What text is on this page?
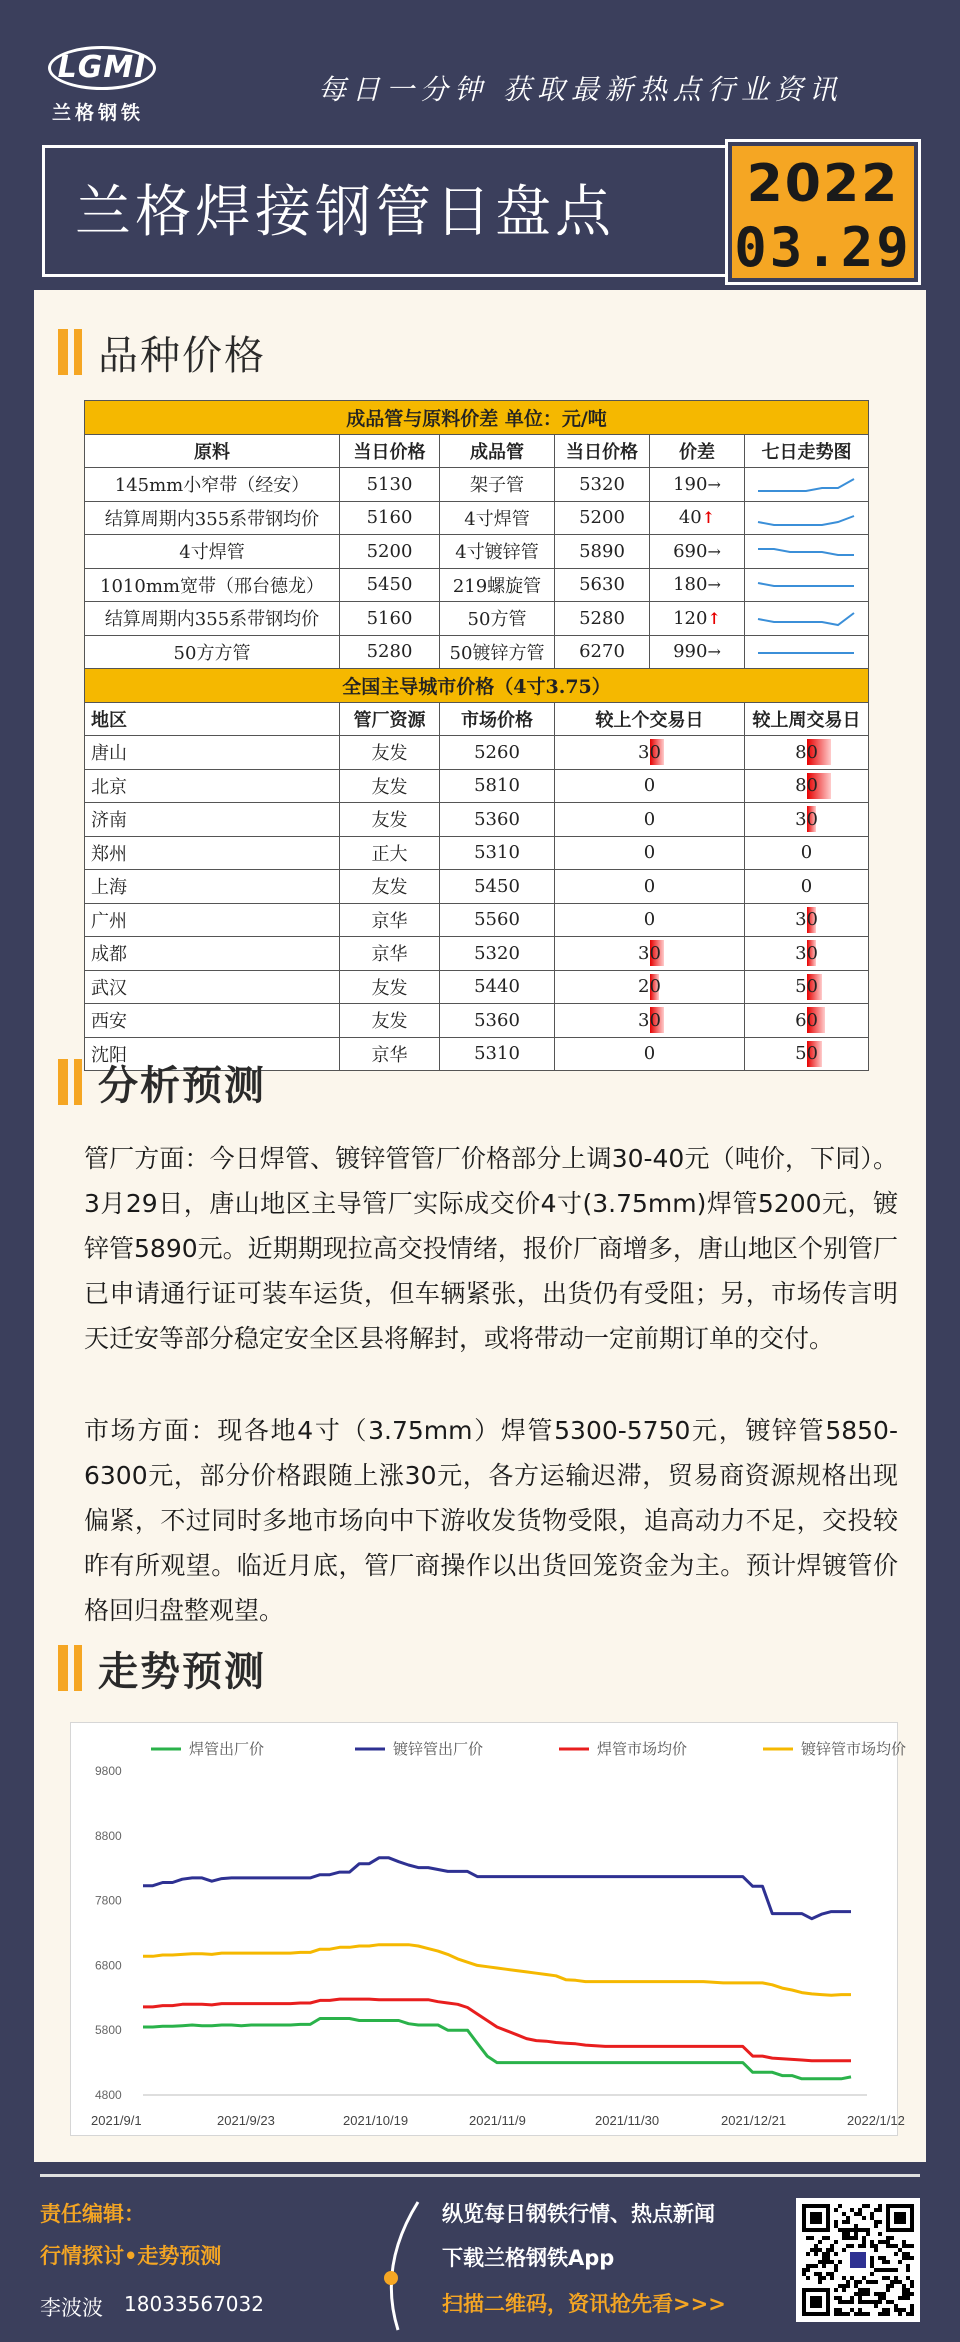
LGMI
兰格钢铁
每日一分钟 获取最新热点行业资讯
兰格焊接钢管日盘点	2022
03.29
品种价格
成品管与原料价差 单位：元/吨					
原料	当日价格	成品管	当日价格	价差	七日走势图
145mm小窄带（经安）	5130	架子管	5320	190→	

结算周期内355系带钢均价	5160	4寸焊管	5200	40↑	

4寸焊管	5200	4寸镀锌管	5890	690→	

1010mm宽带（邢台德龙）	5450	219螺旋管	5630	180→	

结算周期内355系带钢均价	5160	50方管	5280	120↑	

50方方管	5280	50镀锌方管	6270	990→	

全国主导城市价格（4寸3.75）					
地区	管厂资源	市场价格	较上个交易日		较上周交易日
唐山	友发	5260	30		80
北京	友发	5810	0		80
济南	友发	5360	0		30
郑州	正大	5310	0		0
上海	友发	5450	0		0
广州	京华	5560	0		30
成都	京华	5320	30		30
武汉	友发	5440	20		50
西安	友发	5360	30		60
沈阳	京华	5310	0		50
分析预测
管厂方面：今日焊管、镀锌管管厂价格部分上调30-40元（吨价，下同）。3月29日，唐山地区主导管厂实际成交价4寸(3.75mm)焊管5200元，镀锌管5890元。近期期现拉高交投情绪，报价厂商增多，唐山地区个别管厂已申请通行证可装车运货，但车辆紧张，出货仍有受阻；另，市场传言明天迁安等部分稳定安全区县将解封，或将带动一定前期订单的交付。
市场方面：现各地4寸（3.75mm）焊管5300-5750元，镀锌管5850-6300元，部分价格跟随上涨30元，各方运输迟滞，贸易商资源规格出现偏紧，不过同时多地市场向中下游收发货物受限，追高动力不足，交投较昨有所观望。临近月底，管厂商操作以出货回笼资金为主。预计焊镀管价格回归盘整观望。
走势预测
9800
8800
7800
6800
5800
4800
2021/9/1	2021/9/23	2021/10/19	2021/11/9	2021/11/30	2021/12/21	2022/1/12
焊管出厂价	镀锌管出厂价	焊管市场均价	镀锌管市场均价
责任编辑：
行情探讨•走势预测
李波波 18033567032
纵览每日钢铁行情、热点新闻
下载兰格钢铁App
扫描二维码，资讯抢先看>>>
